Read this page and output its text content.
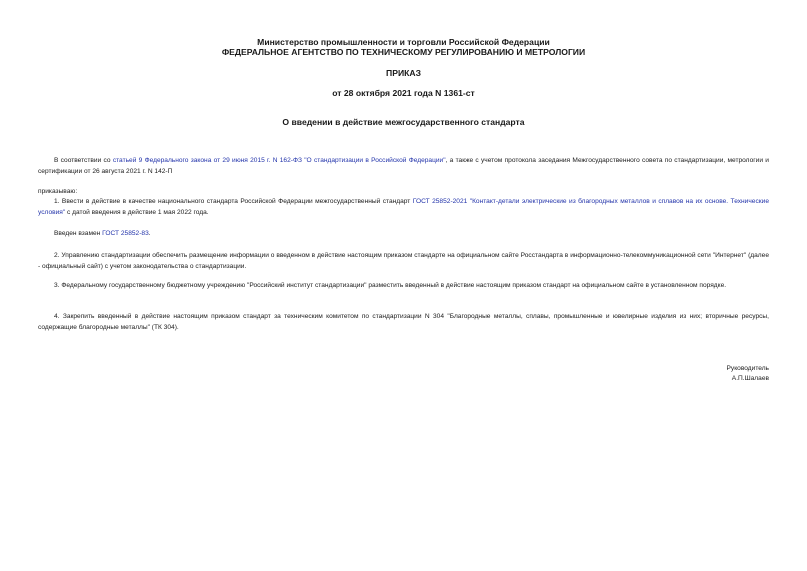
Министерство промышленности и торговли Российской Федерации
ФЕДЕРАЛЬНОЕ АГЕНТСТВО ПО ТЕХНИЧЕСКОМУ РЕГУЛИРОВАНИЮ И МЕТРОЛОГИИ
ПРИКАЗ
от 28 октября 2021 года N 1361-ст
О введении в действие межгосударственного стандарта
В соответствии со статьей 9 Федерального закона от 29 июня 2015 г. N 162-ФЗ "О стандартизации в Российской Федерации", а также с учетом протокола заседания Межгосударственного совета по стандартизации, метрологии и сертификации от 26 августа 2021 г. N 142-П
приказываю:
1. Ввести в действие в качестве национального стандарта Российской Федерации межгосударственный стандарт ГОСТ 25852-2021 "Контакт-детали электрические из благородных металлов и сплавов на их основе. Технические условия" с датой введения в действие 1 мая 2022 года.
Введен взамен ГОСТ 25852-83.
2. Управлению стандартизации обеспечить размещение информации о введенном в действие настоящим приказом стандарте на официальном сайте Росстандарта в информационно-телекоммуникационной сети "Интернет" (далее - официальный сайт) с учетом законодательства о стандартизации.
3. Федеральному государственному бюджетному учреждению "Российский институт стандартизации" разместить введенный в действие настоящим приказом стандарт на официальном сайте в установленном порядке.
4. Закрепить введенный в действие настоящим приказом стандарт за техническим комитетом по стандартизации N 304 "Благородные металлы, сплавы, промышленные и ювелирные изделия из них; вторичные ресурсы, содержащие благородные металлы" (ТК 304).
Руководитель
А.П.Шалаев
